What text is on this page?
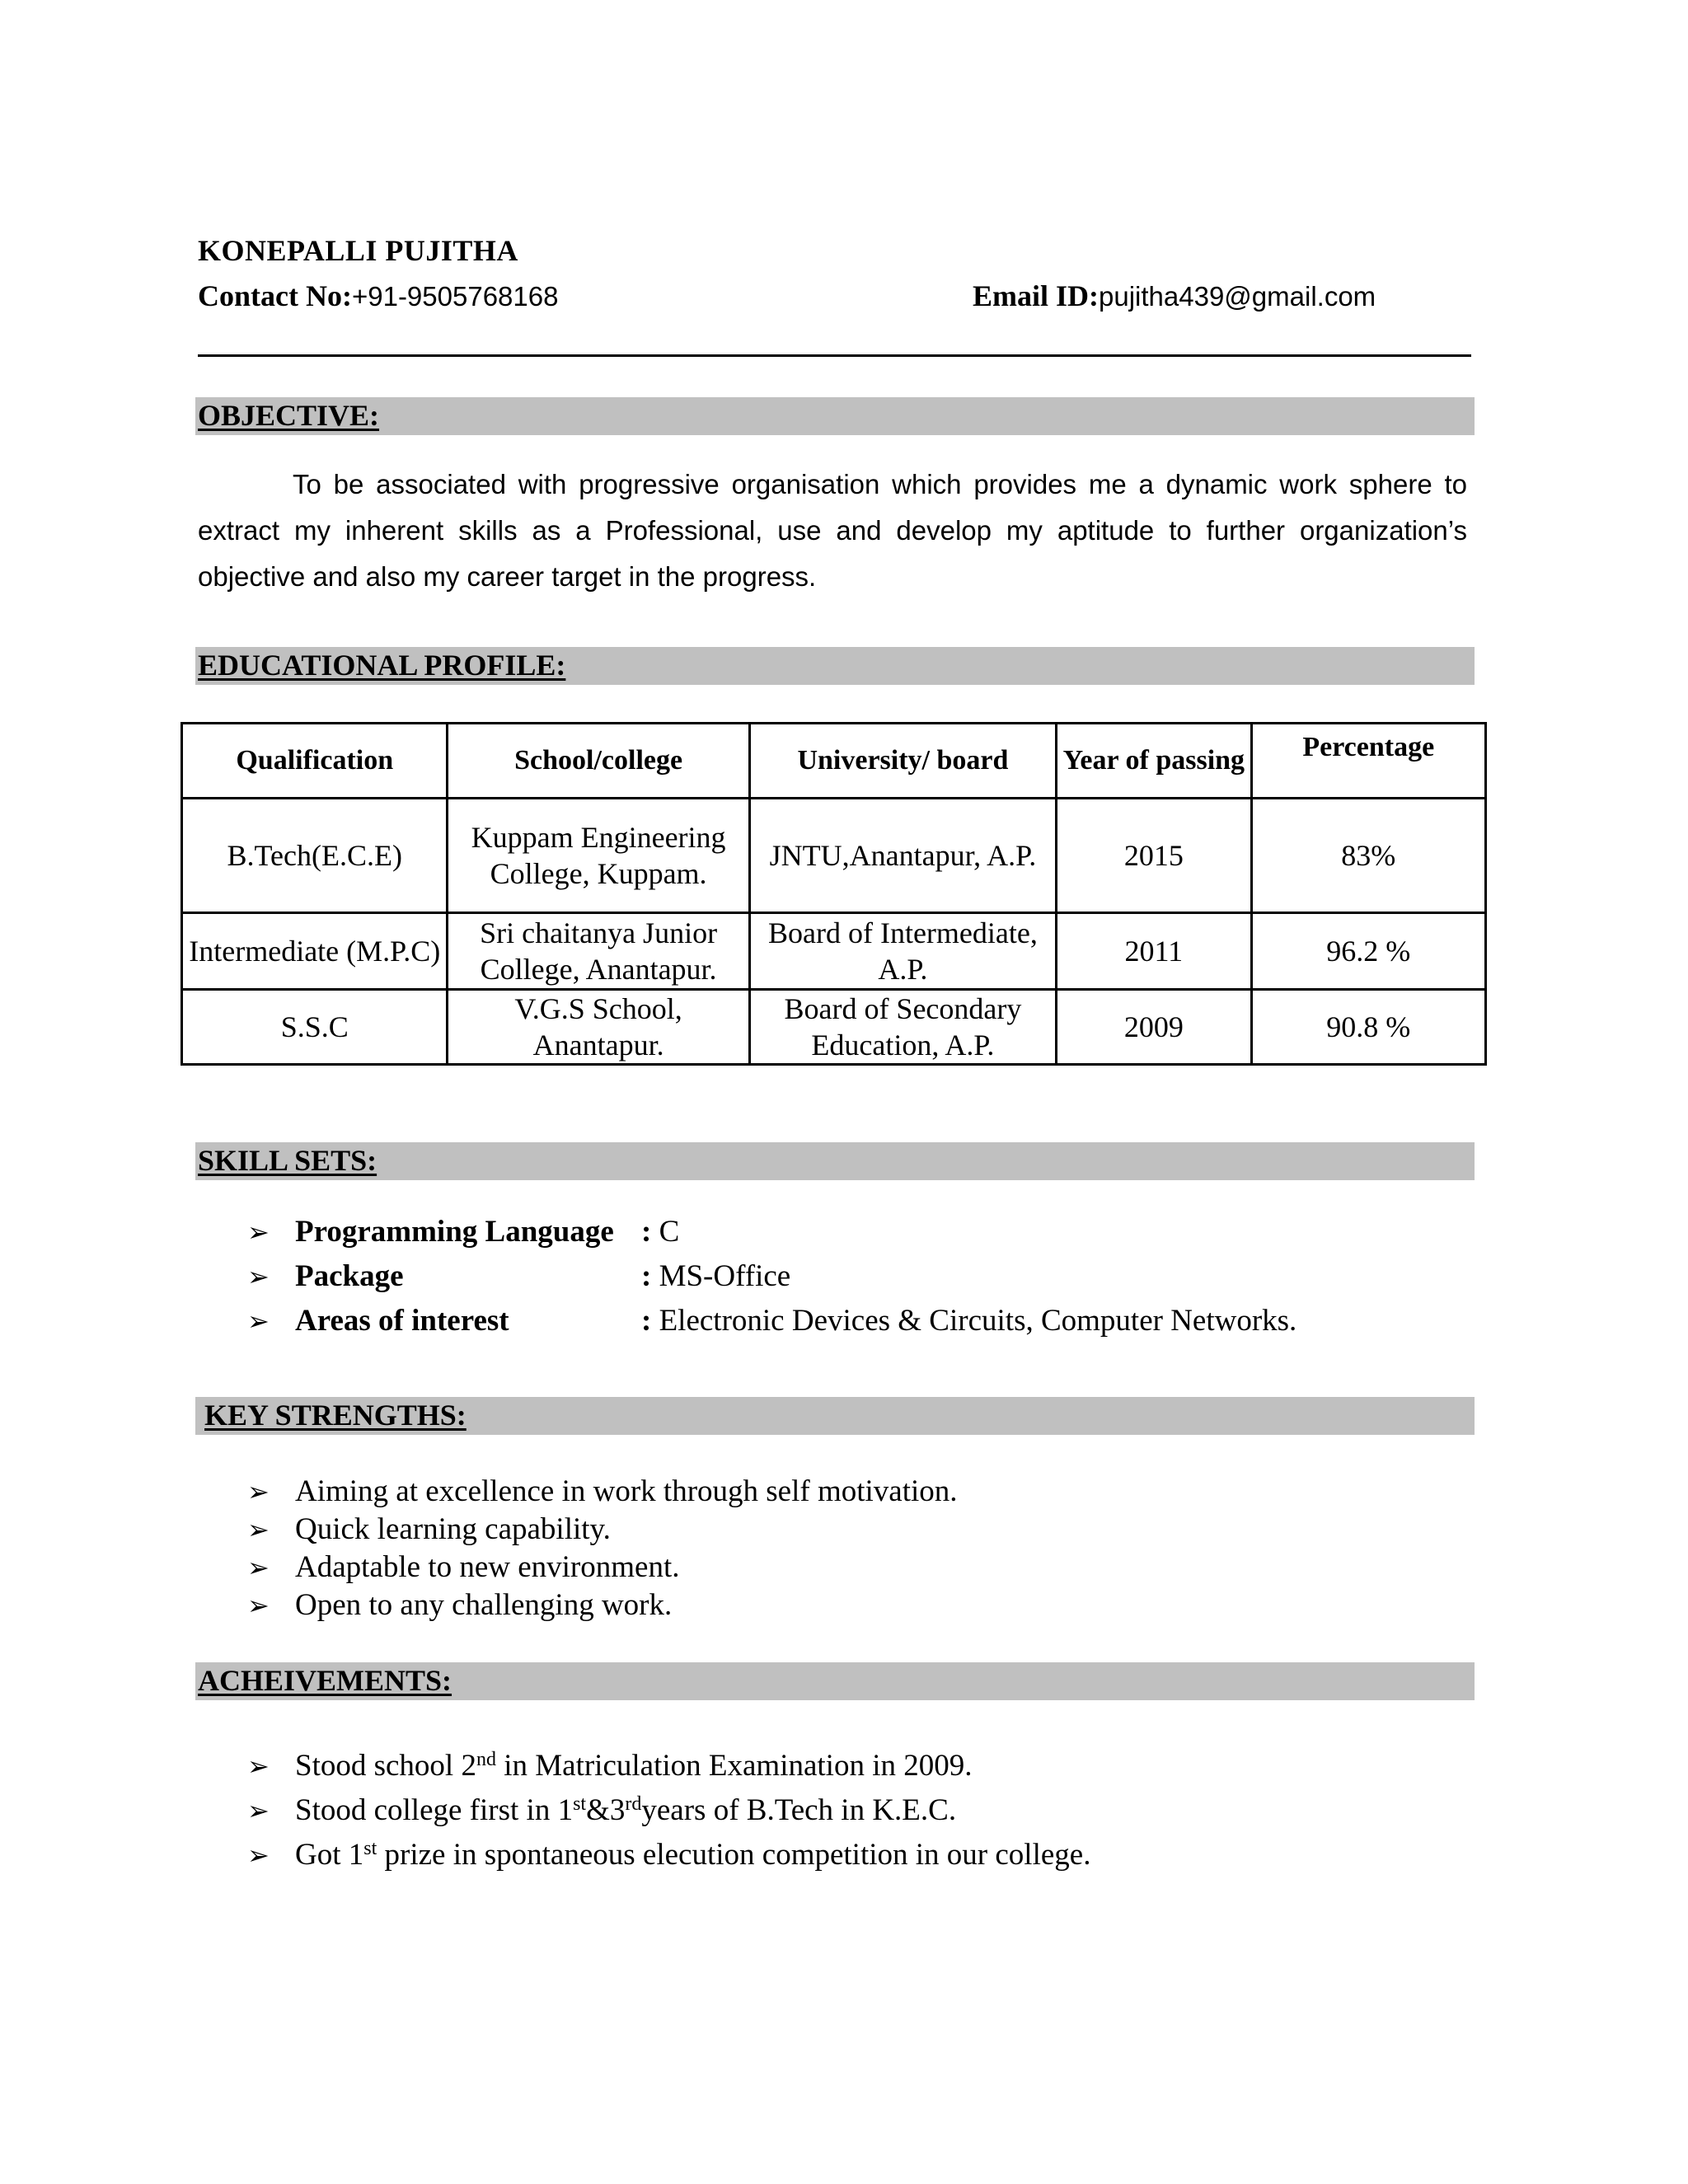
KONEPALLI PUJITHA
Contact No:+91-9505768168	Email ID:pujitha439@gmail.com
OBJECTIVE:
To be associated with progressive organisation which provides me a dynamic work sphere to extract my inherent skills as a Professional, use and develop my aptitude to further organization’s objective and also my career target in the progress.
EDUCATIONAL PROFILE:
Qualification	School/college	University/ board	Year of passing	Percentage
B.Tech(E.C.E)	Kuppam Engineering College, Kuppam.	JNTU,Anantapur, A.P.	2015	83%
Intermediate (M.P.C)	Sri chaitanya Junior College, Anantapur.	Board of Intermediate, A.P.	2011	96.2 %
S.S.C	V.G.S School, Anantapur.	Board of Secondary Education, A.P.	2009	90.8 %
SKILL SETS:
➢ Programming Language : C
➢ Package	: MS-Office
➢ Areas of interest	: Electronic Devices & Circuits, Computer Networks.
KEY STRENGTHS:
➢ Aiming at excellence in work through self motivation.
➢ Quick learning capability.
➢ Adaptable to new environment.
➢ Open to any challenging work.
ACHEIVEMENTS:
➢ Stood school 2nd in Matriculation Examination in 2009.
➢ Stood college first in 1st&3rdyears of B.Tech in K.E.C.
➢ Got 1st prize in spontaneous elecution competition in our college.
